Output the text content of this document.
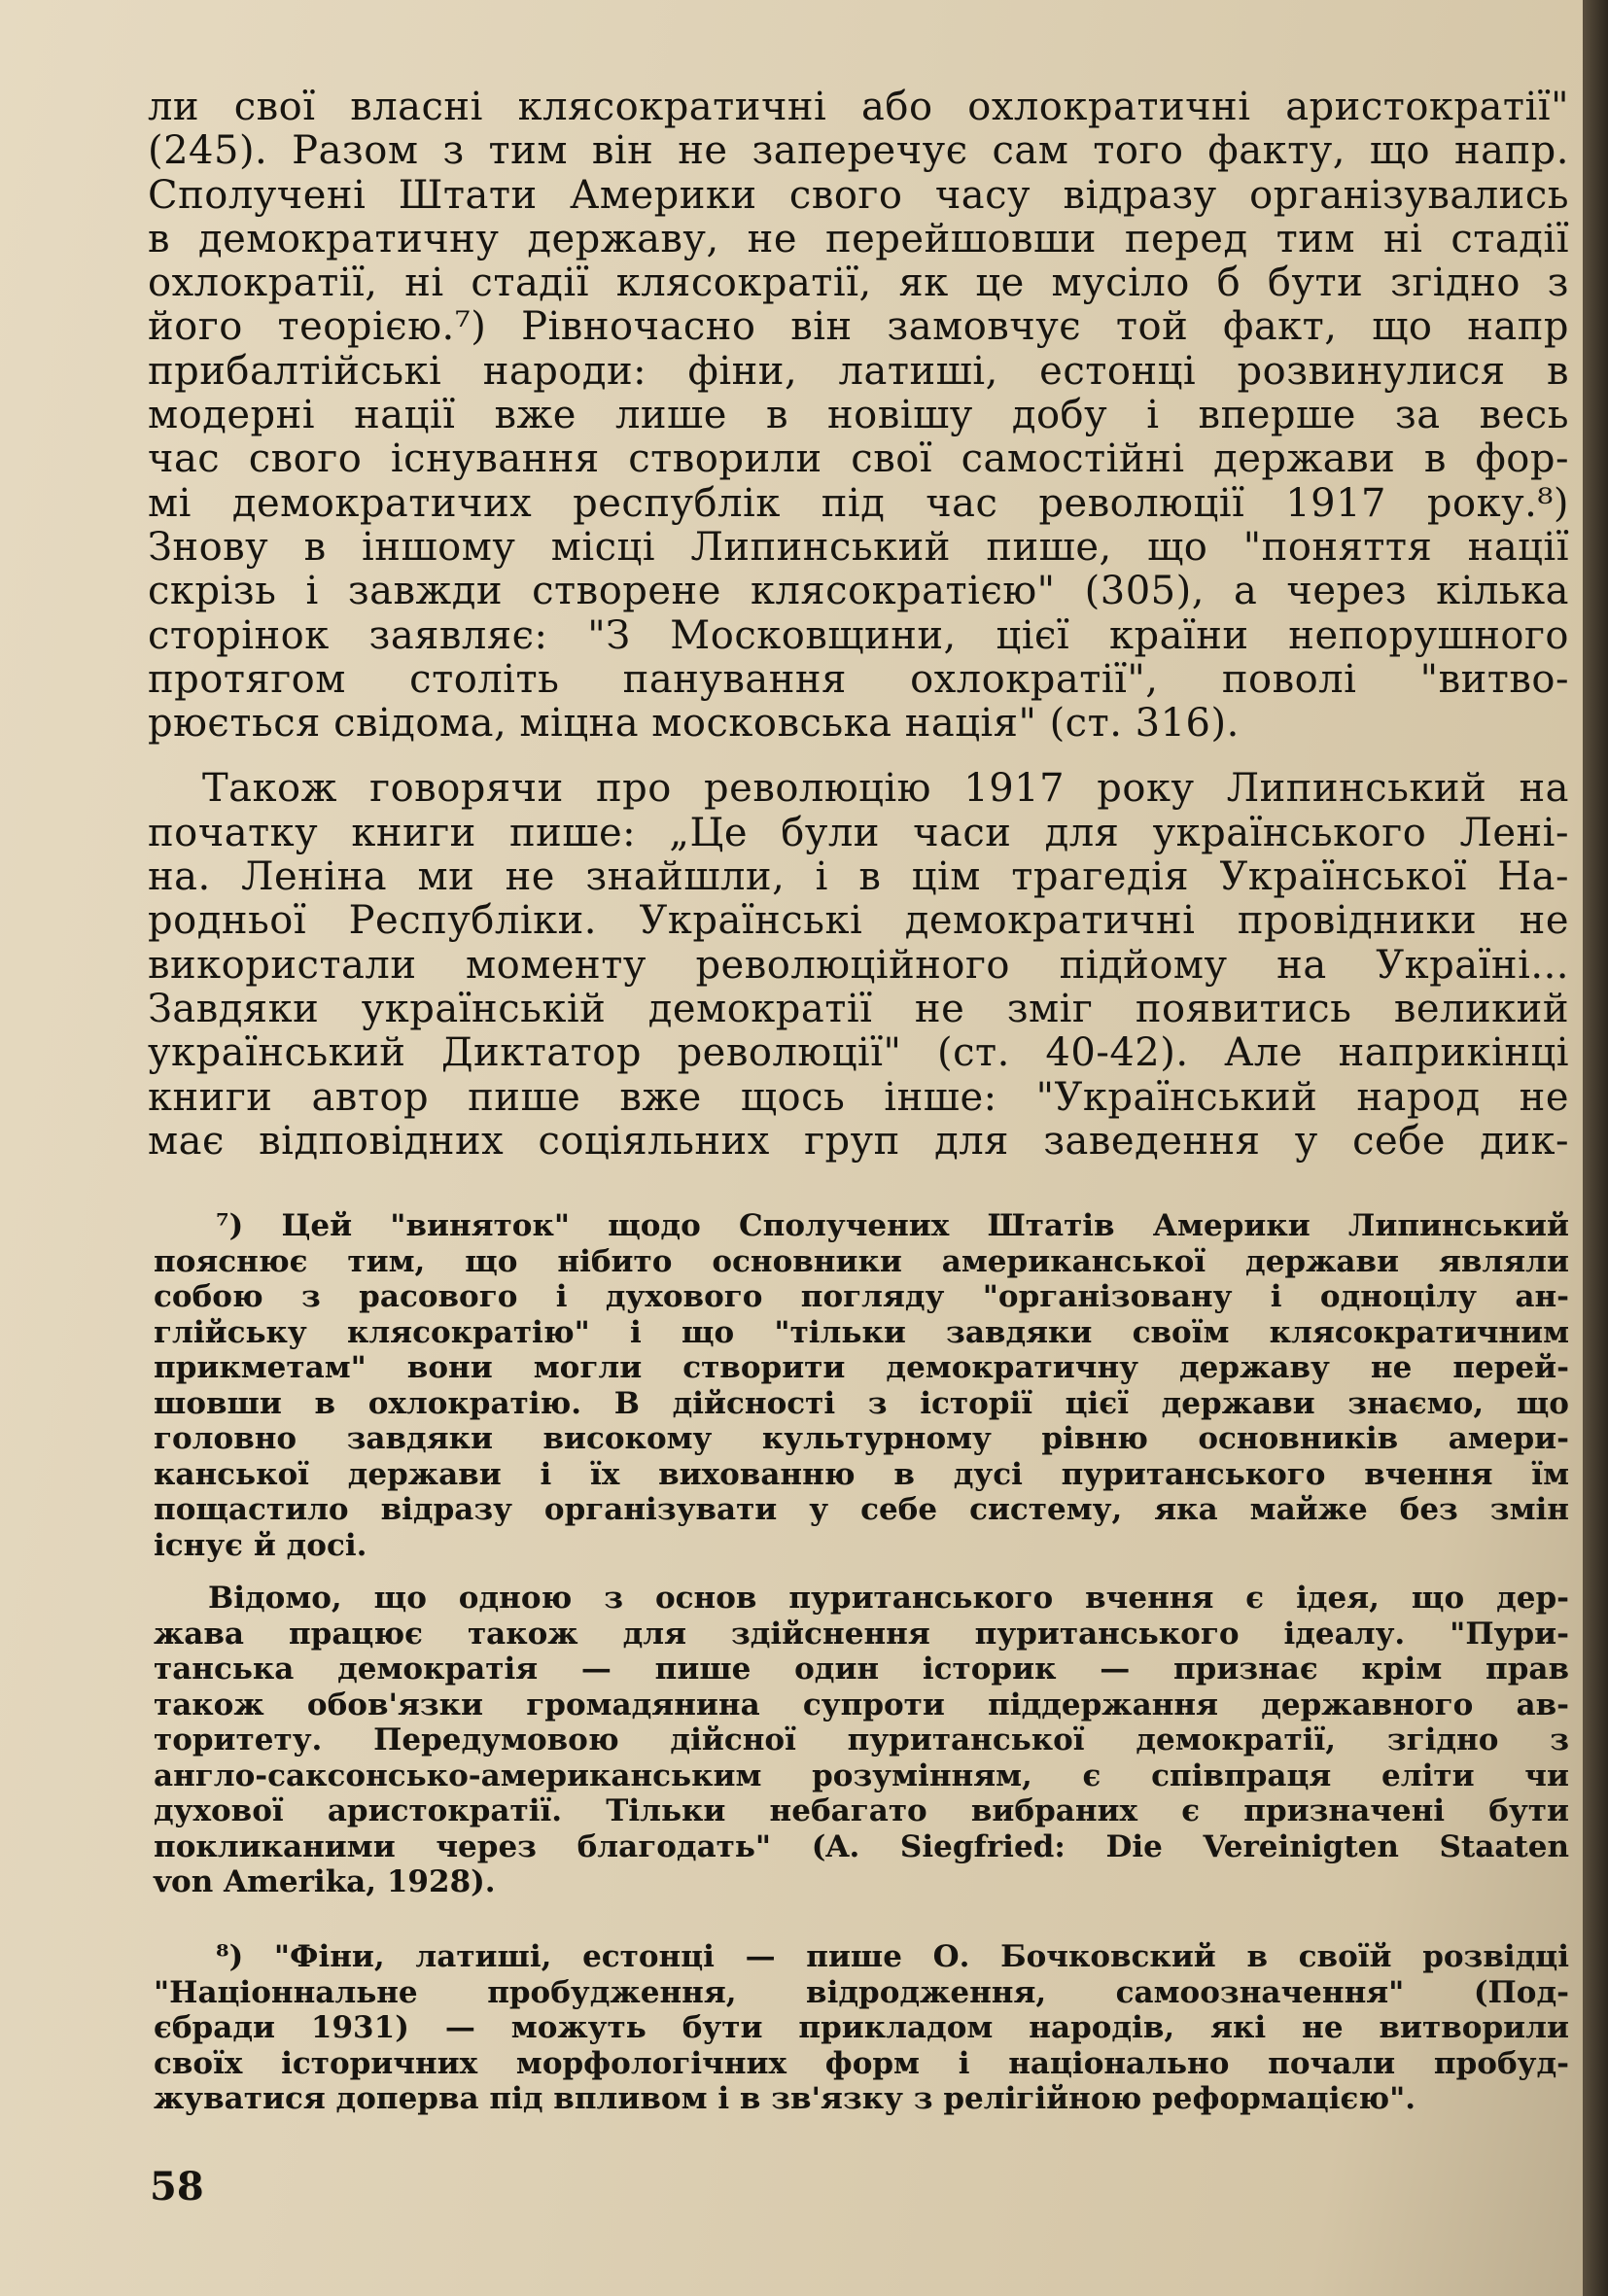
ли свої власні клясократичні або охлократичні аристократії"
(245). Разом з тим він не заперечує сам того факту, що напр.
Сполучені Штати Америки свого часу відразу організувались
в демократичну державу, не перейшовши перед тим ні стадії
охлократії, ні стадії клясократії, як це мусіло б бути згідно з
його теорією.⁷) Рівночасно він замовчує той факт, що напр
прибалтійські народи: фіни, латиші, естонці розвинулися в
модерні нації вже лише в новішу добу і вперше за весь
час свого існування створили свої самостійні держави в фор-
мі демократичих республік під час революції 1917 року.⁸)
Знову в іншому місці Липинський пише, що "поняття нації
скрізь і завжди створене клясократією" (305), а через кілька
сторінок заявляє: "З Московщини, цієї країни непорушного
протягом століть панування охлократії", поволі "витво-
рюється свідома, міцна московська нація" (ст. 316).
Також говорячи про революцію 1917 року Липинський на
початку книги пише: „Це були часи для українського Лені-
на. Леніна ми не знайшли, і в цім трагедія Української На-
родньої Республіки. Українські демократичні провідники не
використали моменту революційного підйому на Україні...
Завдяки українській демократії не зміг появитись великий
український Диктатор революції" (ст. 40-42). Але наприкінці
книги автор пише вже щось інше: "Український народ не
має відповідних соціяльних груп для заведення у себе дик-
⁷) Цей "виняток" щодо Сполучених Штатів Америки Липинський
пояснює тим, що нібито основники американської держави являли
собою з расового і духового погляду "організовану і одноцілу ан-
глійську клясократію" і що "тільки завдяки своїм клясократичним
прикметам" вони могли створити демократичну державу не перей-
шовши в охлократію. В дійсності з історії цієї держави знаємо, що
головно завдяки високому культурному рівню основників амери-
канської держави і їх вихованню в дусі пуританського вчення їм
пощастило відразу організувати у себе систему, яка майже без змін
існує й досі.
Відомо, що одною з основ пуританського вчення є ідея, що дер-
жава працює також для здійснення пуританського ідеалу. "Пури-
танська демократія — пише один історик — признає крім прав
також обов'язки громадянина супроти піддержання державного ав-
торитету. Передумовою дійсної пуританської демократії, згідно з
англо-саксонсько-американським розумінням, є співпраця еліти чи
духової аристократії. Тільки небагато вибраних є призначені бути
покликаними через благодать" (A. Siegfried: Die Vereinigten Staaten
von Amerika, 1928).
⁸) "Фіни, латиші, естонці — пише О. Бочковский в своїй розвідці
"Націоннальне пробудження, відродження, самоозначення" (Под-
єбради 1931) — можуть бути прикладом народів, які не витворили
своїх історичних морфологічних форм і національно почали пробуд-
жуватися доперва під впливом і в зв'язку з релігійною реформацією".
58
